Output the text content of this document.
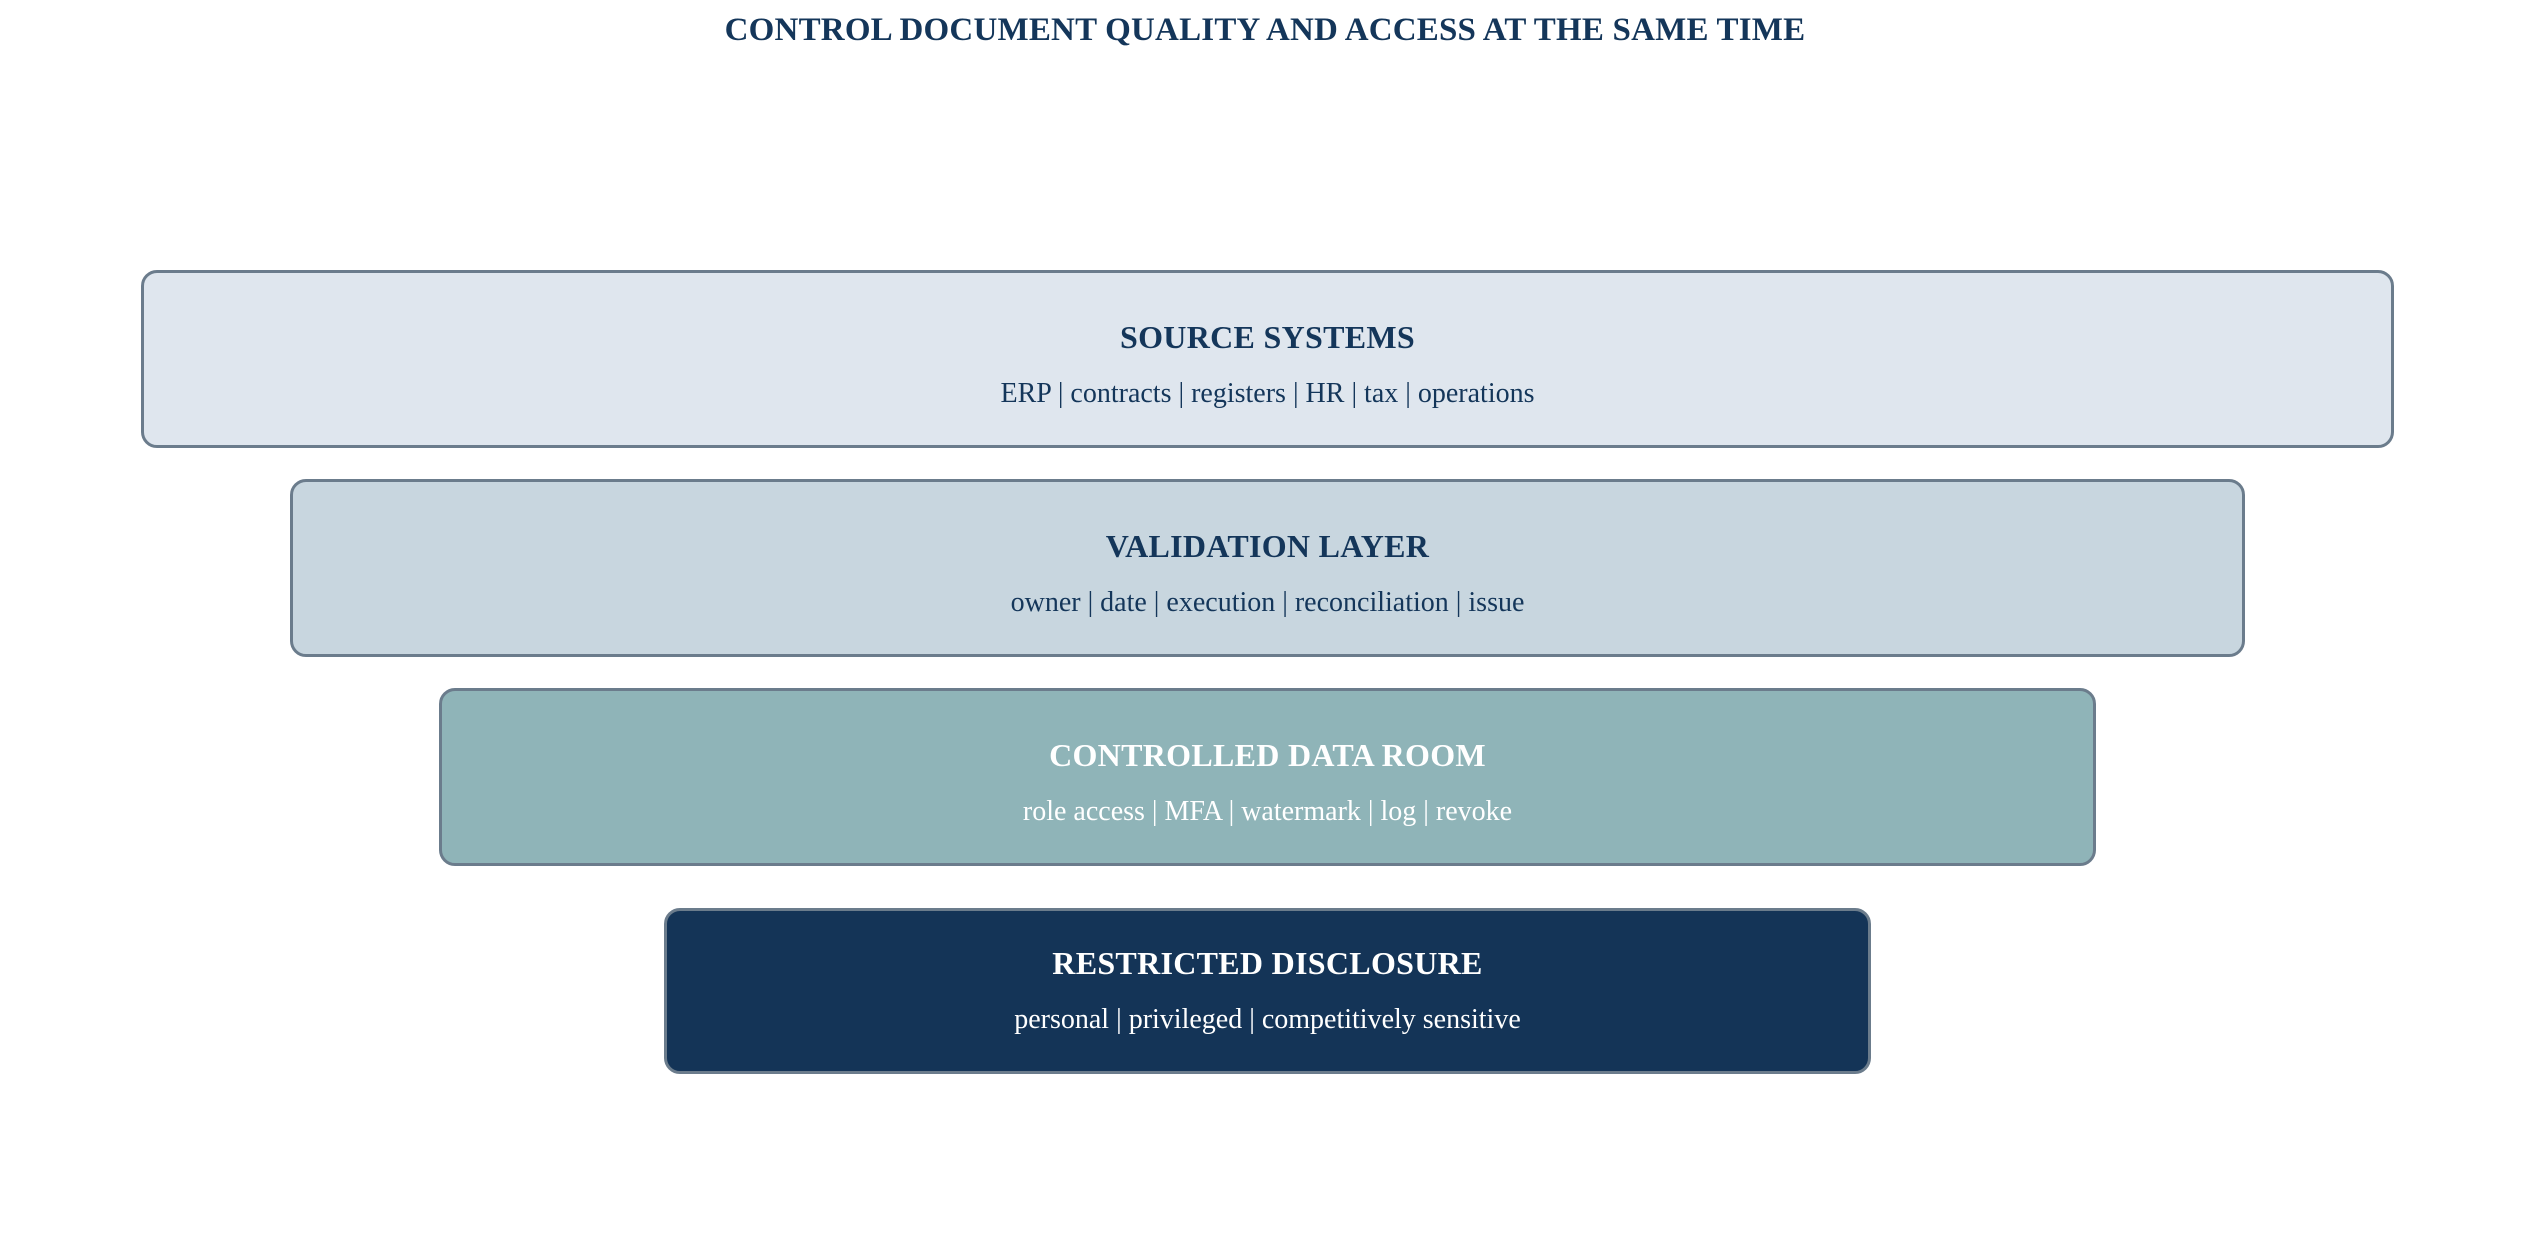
CONTROL DOCUMENT QUALITY AND ACCESS AT THE SAME TIME
SOURCE SYSTEMS
ERP | contracts | registers | HR | tax | operations
VALIDATION LAYER
owner | date | execution | reconciliation | issue
CONTROLLED DATA ROOM
role access | MFA | watermark | log | revoke
RESTRICTED DISCLOSURE
personal | privileged | competitively sensitive
